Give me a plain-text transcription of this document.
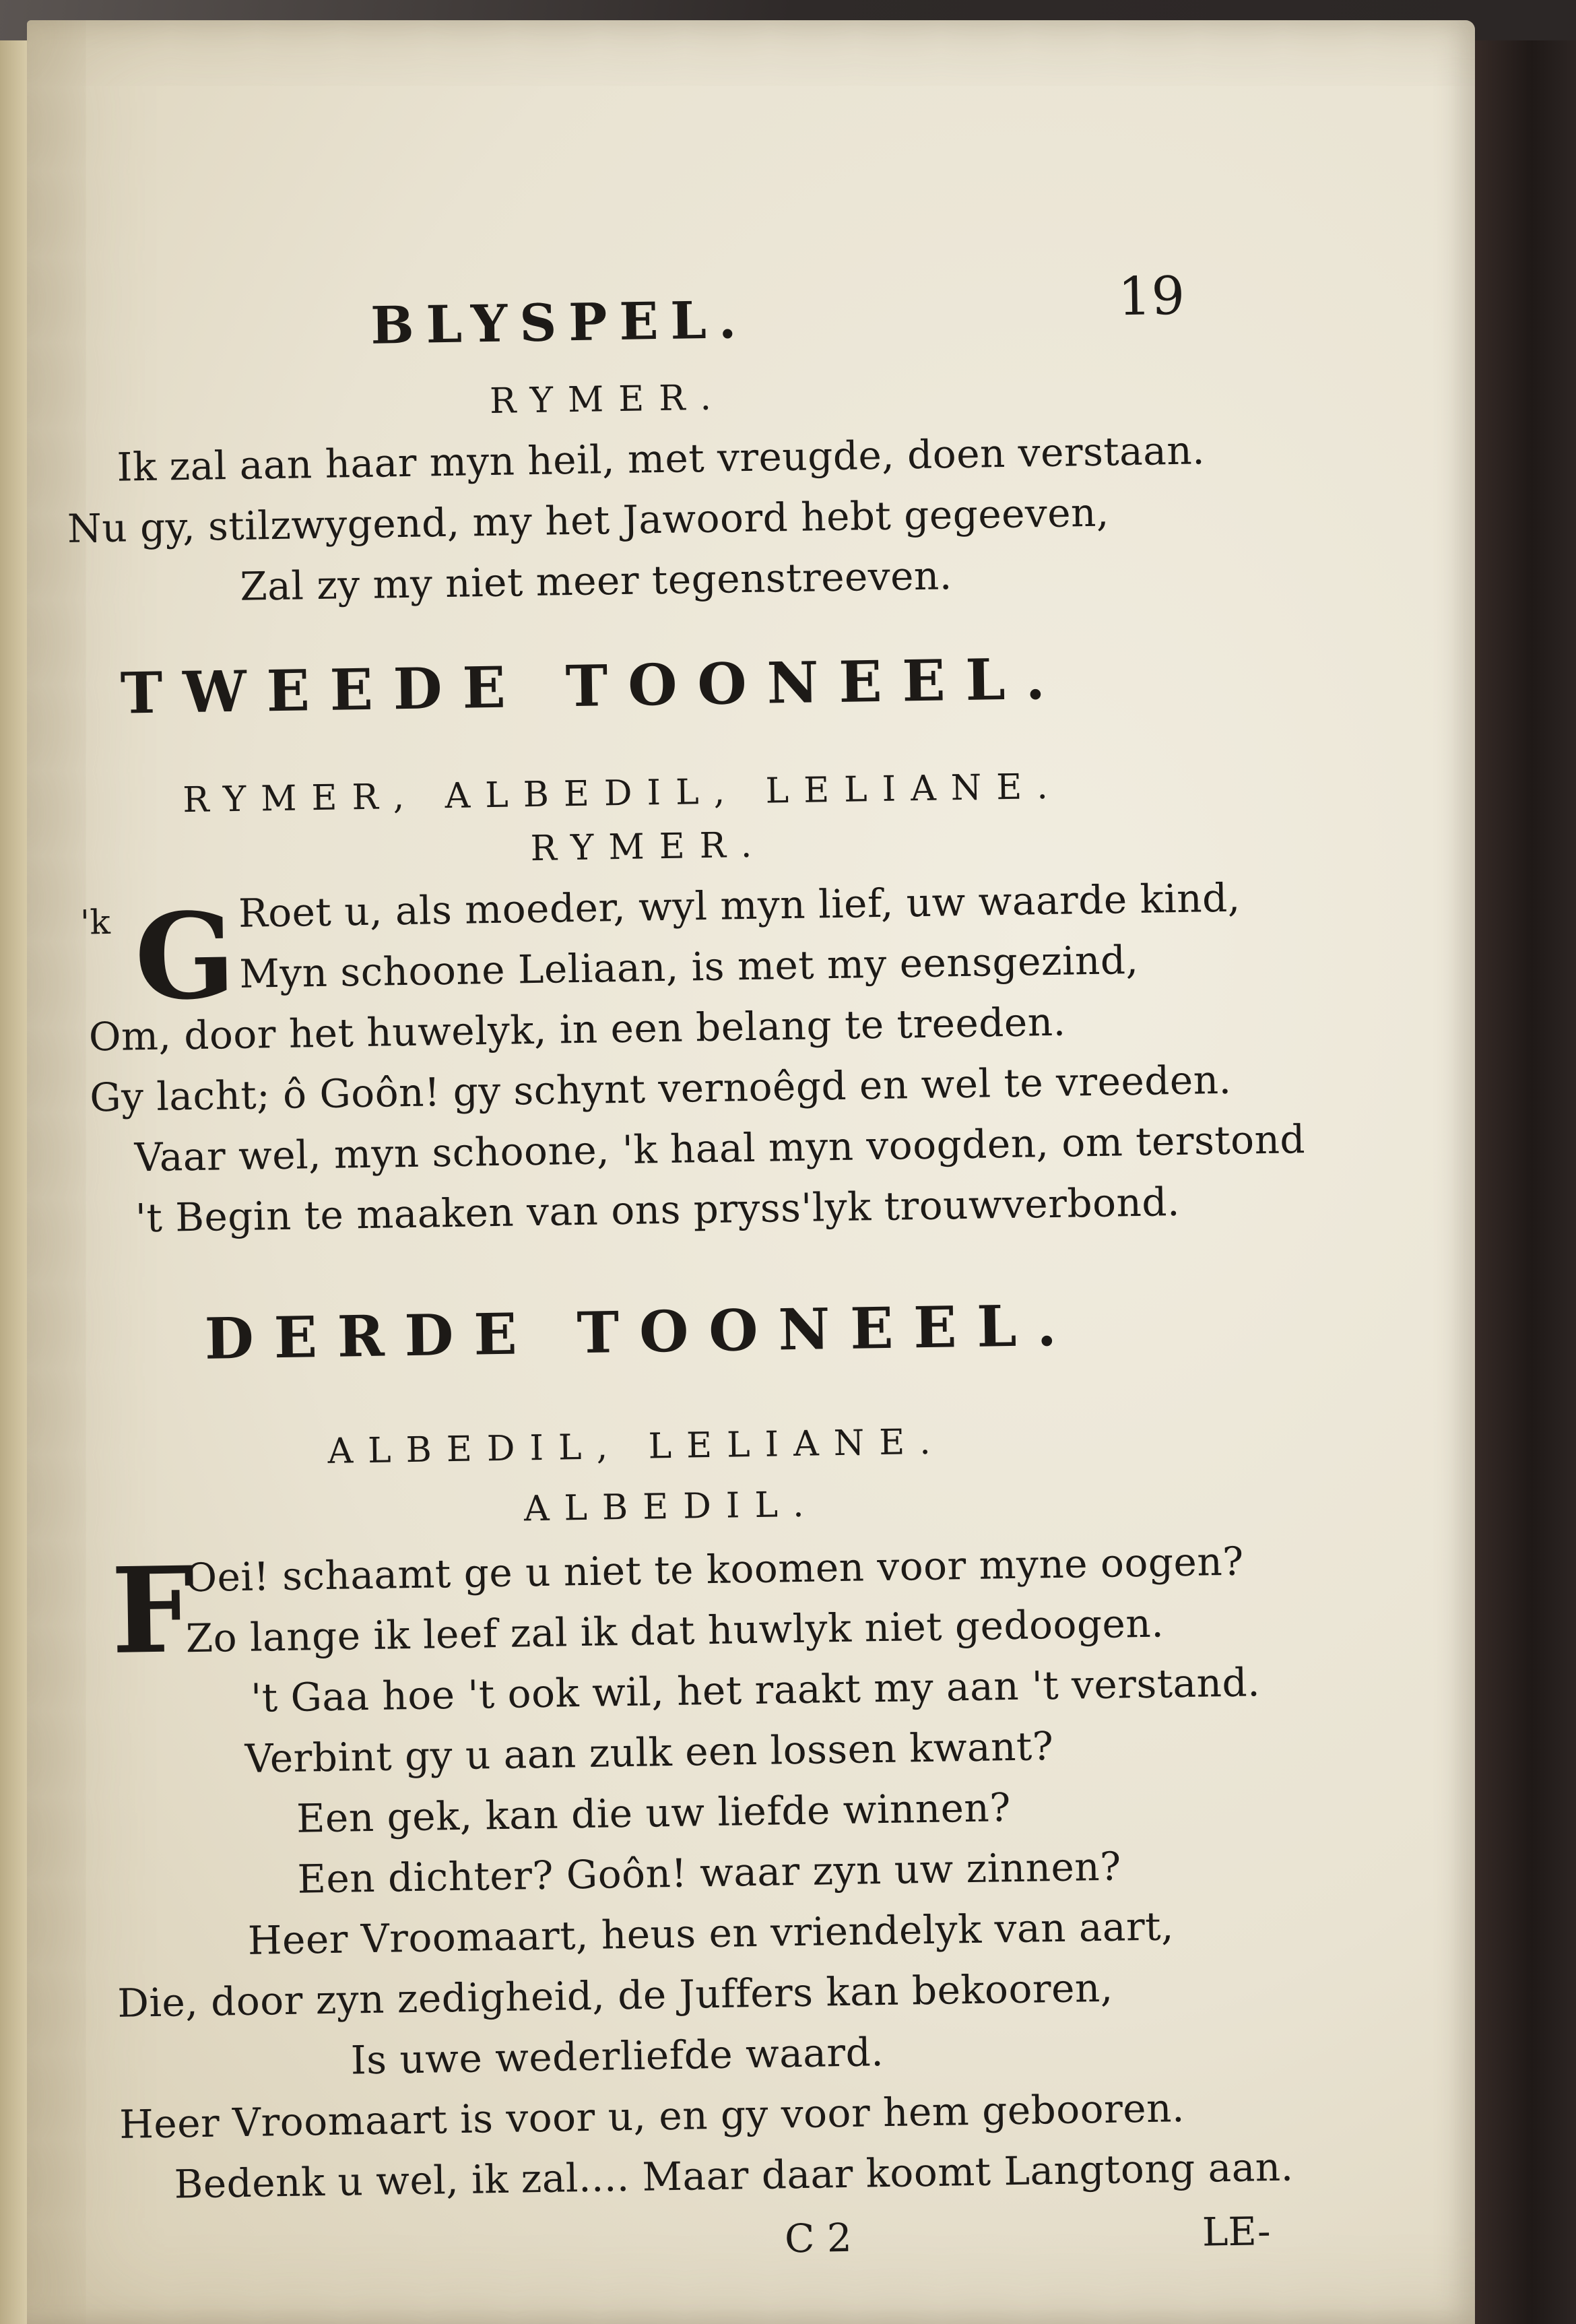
BLYSPEL.	19
RYMER.
Ik zal aan haar myn heil, met vreugde, doen verstaan.
Nu gy, stilzwygend, my het Jawoord hebt gegeeven,
Zal zy my niet meer tegenstreeven.
TWEEDE TOONEEL.
RYMER, ALBEDIL, LELIANE.
RYMER.
'k G Roet u, als moeder, wyl myn lief, uw waarde kind,
Myn schoone Leliaan, is met my eensgezind,
Om, door het huwelyk, in een belang te treeden.
Gy lacht; ô Goôn! gy schynt vernoêgd en wel te vreeden.
Vaar wel, myn schoone, 'k haal myn voogden, om terstond
't Begin te maaken van ons pryss'lyk trouwverbond.
DERDE TOONEEL.
ALBEDIL, LELIANE.
ALBEDIL.
F
Oei! schaamt ge u niet te koomen voor myne oogen?
Zo lange ik leef zal ik dat huwlyk niet gedoogen.
't Gaa hoe 't ook wil, het raakt my aan 't verstand.
Verbint gy u aan zulk een lossen kwant?
Een gek, kan die uw liefde winnen?
Een dichter? Goôn! waar zyn uw zinnen?
Heer Vroomaart, heus en vriendelyk van aart,
Die, door zyn zedigheid, de Juffers kan bekooren,
Is uwe wederliefde waard.
Heer Vroomaart is voor u, en gy voor hem gebooren.
Bedenk u wel, ik zal.... Maar daar koomt Langtong aan.
C 2	LE-
